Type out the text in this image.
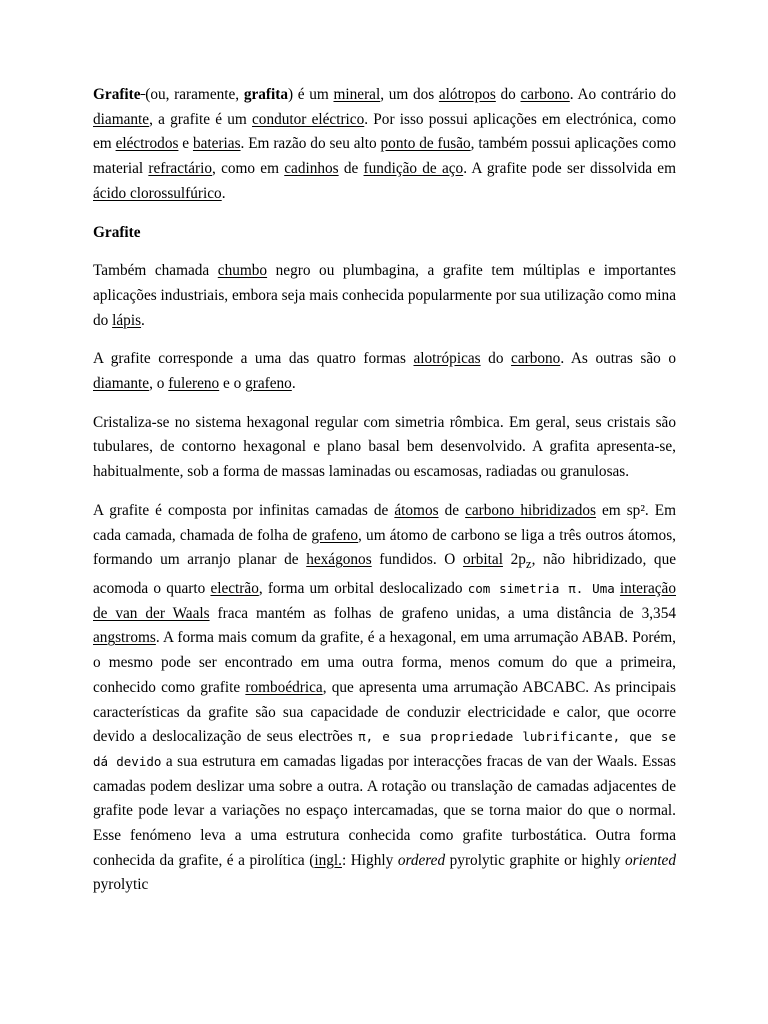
Grafite (ou, raramente, grafita) é um mineral, um dos alótropos do carbono. Ao contrário do diamante, a grafite é um condutor eléctrico. Por isso possui aplicações em electrónica, como em eléctrodos e baterias. Em razão do seu alto ponto de fusão, também possui aplicações como material refractário, como em cadinhos de fundição de aço. A grafite pode ser dissolvida em ácido clorossulfúrico.

Grafite

Também chamada chumbo negro ou plumbagina, a grafite tem múltiplas e importantes aplicações industriais, embora seja mais conhecida popularmente por sua utilização como mina do lápis.

A grafite corresponde a uma das quatro formas alotrópicas do carbono. As outras são o diamante, o fulereno e o grafeno.

Cristaliza-se no sistema hexagonal regular com simetria rômbica. Em geral, seus cristais são tubulares, de contorno hexagonal e plano basal bem desenvolvido. A grafita apresenta-se, habitualmente, sob a forma de massas laminadas ou escamosas, radiadas ou granulosas.

A grafite é composta por infinitas camadas de átomos de carbono hibridizados em sp². Em cada camada, chamada de folha de grafeno, um átomo de carbono se liga a três outros átomos, formando um arranjo planar de hexágonos fundidos. O orbital $2p_z$, não hibridizado, que acomoda o quarto electrão, forma um orbital deslocalizado com simetria π. Uma interação de van der Waals fraca mantém as folhas de grafeno unidas, a uma distância de 3,354 angstroms. A forma mais comum da grafite, é a hexagonal, em uma arrumação ABAB. Porém, o mesmo pode ser encontrado em uma outra forma, menos comum do que a primeira, conhecido como grafite romboédrica, que apresenta uma arrumação ABCABC. As principais características da grafite são sua capacidade de conduzir electricidade e calor, que ocorre devido a deslocalização de seus electrões π, e sua propriedade lubrificante, que se dá devido a sua estrutura em camadas ligadas por interacções fracas de van der Waals. Essas camadas podem deslizar uma sobre a outra. A rotação ou translação de camadas adjacentes de grafite pode levar a variações no espaço intercamadas, que se torna maior do que o normal. Esse fenómeno leva a uma estrutura conhecida como grafite turbostática. Outra forma conhecida da grafite, é a pirolítica (ingl.: Highly ordered pyrolytic graphite or highly oriented pyrolytic
